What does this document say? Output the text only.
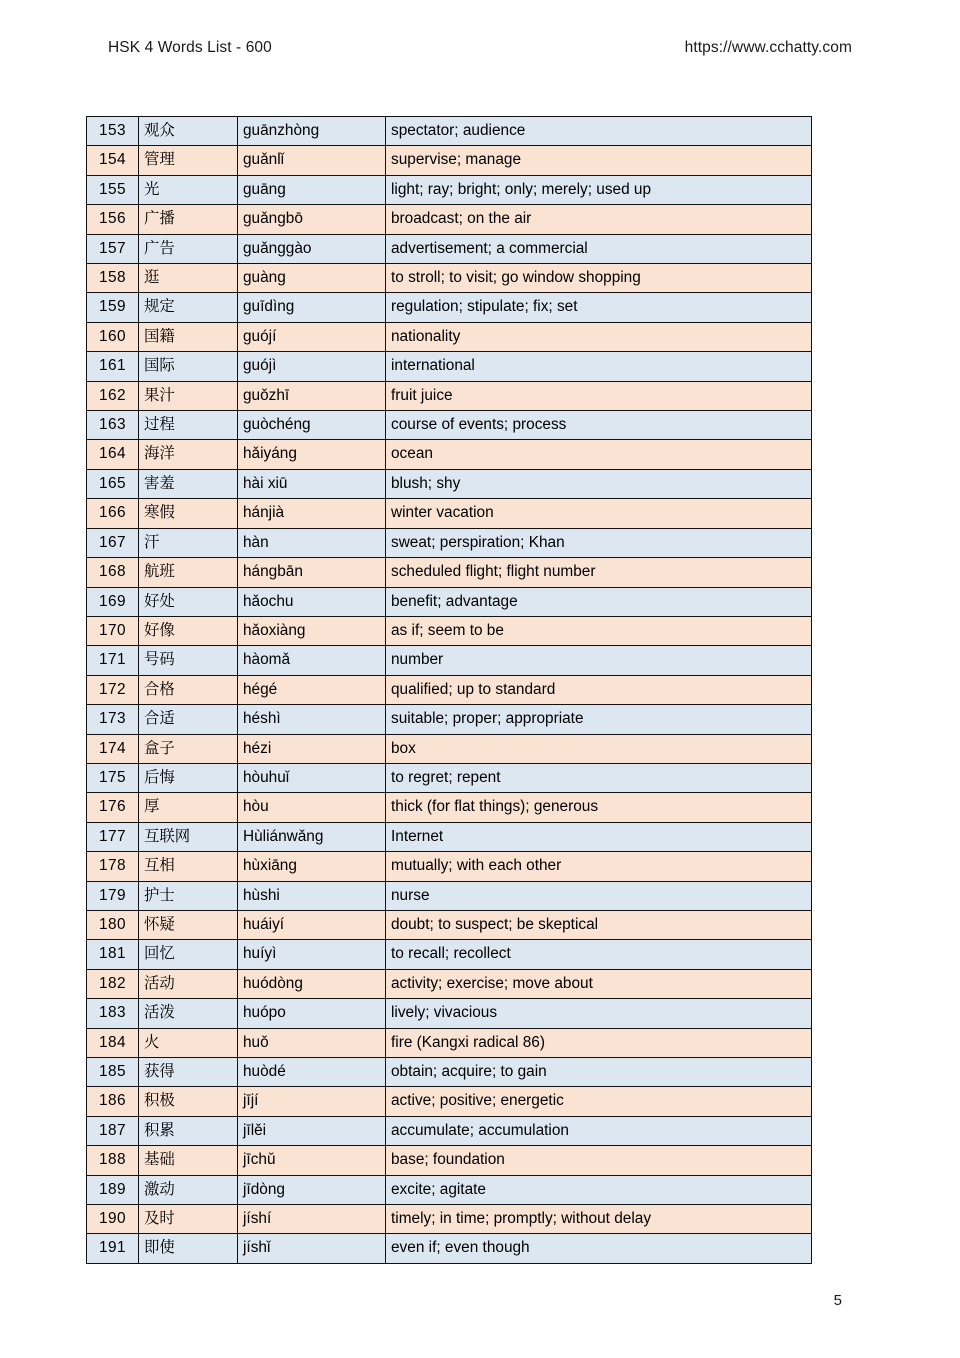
HSK 4 Words List - 600	https://www.cchatty.com
153	观众	guānzhòng	spectator; audience
154	管理	guǎnlǐ	supervise; manage
155	光	guāng	light; ray; bright; only; merely; used up
156	广播	guǎngbō	broadcast; on the air
157	广告	guǎnggào	advertisement; a commercial
158	逛	guàng	to stroll; to visit; go window shopping
159	规定	guīdìng	regulation; stipulate; fix; set
160	国籍	guójí	nationality
161	国际	guójì	international
162	果汁	guǒzhī	fruit juice
163	过程	guòchéng	course of events; process
164	海洋	hǎiyáng	ocean
165	害羞	hài xiū	blush; shy
166	寒假	hánjià	winter vacation
167	汗	hàn	sweat; perspiration; Khan
168	航班	hángbān	scheduled flight; flight number
169	好处	hǎochu	benefit; advantage
170	好像	hǎoxiàng	as if; seem to be
171	号码	hàomǎ	number
172	合格	hégé	qualified; up to standard
173	合适	héshì	suitable; proper; appropriate
174	盒子	hézi	box
175	后悔	hòuhuǐ	to regret; repent
176	厚	hòu	thick (for flat things); generous
177	互联网	Hùliánwǎng	Internet
178	互相	hùxiāng	mutually; with each other
179	护士	hùshi	nurse
180	怀疑	huáiyí	doubt; to suspect; be skeptical
181	回忆	huíyì	to recall; recollect
182	活动	huódòng	activity; exercise; move about
183	活泼	huópo	lively; vivacious
184	火	huǒ	fire (Kangxi radical 86)
185	获得	huòdé	obtain; acquire; to gain
186	积极	jījí	active; positive; energetic
187	积累	jīlěi	accumulate; accumulation
188	基础	jīchǔ	base; foundation
189	激动	jīdòng	excite; agitate
190	及时	jíshí	timely; in time; promptly; without delay
191	即使	jíshǐ	even if; even though
5
